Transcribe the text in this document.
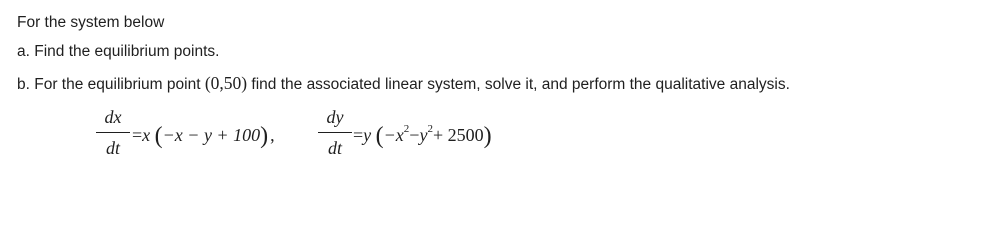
For the system below
a. Find the equilibrium points.
b. For the equilibrium point (0,50) find the associated linear system, solve it, and perform the qualitative analysis.
dx
dt
=x (−x − y + 100) ,
dy
dt
=y $(-x^2-y^2+ 2500)$
